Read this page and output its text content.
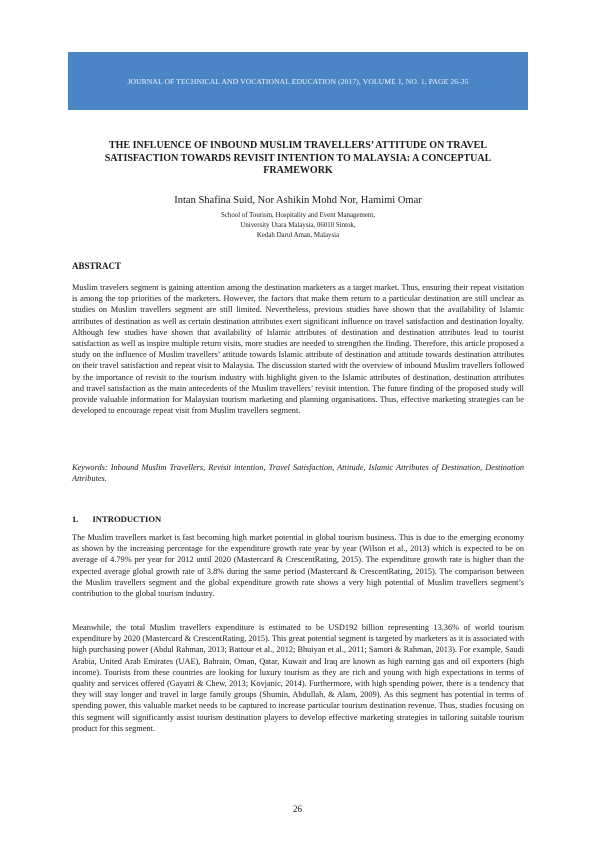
JOURNAL OF TECHNICAL AND VOCATIONAL EDUCATION (2017), VOLUME 1, NO. 1, PAGE 26-35
THE INFLUENCE OF INBOUND MUSLIM TRAVELLERS’ ATTITUDE ON TRAVEL
SATISFACTION TOWARDS REVISIT INTENTION TO MALAYSIA: A CONCEPTUAL
FRAMEWORK
Intan Shafina Suid, Nor Ashikin Mohd Nor, Hamimi Omar
School of Tourism, Hospitality and Event Management,
University Utara Malaysia, 06010 Sintok,
Kedah Darul Aman, Malaysia
ABSTRACT
Muslim travelers segment is gaining attention among the destination marketers as a target market. Thus, ensuring their repeat visitation is among the top priorities of the marketers. However, the factors that make them return to a particular destination are still unclear as studies on Muslim travellers segment are still limited. Nevertheless, previous studies have shown that the availability of Islamic attributes of destination as well as certain destination attributes exert significant influence on travel satisfaction and destination loyalty. Although few studies have shown that availability of Islamic attributes of destination and destination attributes lead to tourist satisfaction as well as inspire multiple return visits, more studies are needed to strengthen the finding. Therefore, this article proposed a study on the influence of Muslim travellers’ attitude towards Islamic attribute of destination and attitude towards destination attributes on their travel satisfaction and repeat visit to Malaysia. The discussion started with the overview of inbound Muslim travellers followed by the importance of revisit to the tourism industry with highlight given to the Islamic attributes of destination, destination attributes and travel satisfaction as the main antecedents of the Muslim travellers’ revisit intention. The future finding of the proposed study will provide valuable information for Malaysian tourism marketing and planning organisations. Thus, effective marketing strategies can be developed to encourage repeat visit from Muslim travellers segment.
Keywords: Inbound Muslim Travellers, Revisit intention, Travel Satisfaction, Attitude, Islamic Attributes of Destination, Destination Attributes.
1. INTRODUCTION
The Muslim travellers market is fast becoming high market potential in global tourism business. This is due to the emerging economy as shown by the increasing percentage for the expenditure growth rate year by year (Wilson et al., 2013) which is expected to be on average of 4.79% per year for 2012 until 2020 (Mastercard & CrescentRating, 2015). The expenditure growth rate is higher than the expected average global growth rate of 3.8% during the same period (Mastercard & CrescentRating, 2015). The comparison between the Muslim travellers segment and the global expenditure growth rate shows a very high potential of Muslim travellers segment’s contribution to the global tourism industry.
Meanwhile, the total Muslim travellers expenditure is estimated to be USD192 billion representing 13.36% of world tourism expenditure by 2020 (Mastercard & CrescentRating, 2015). This great potential segment is targeted by marketers as it is associated with high purchasing power (Abdul Rahman, 2013; Battour et al., 2012; Bhuiyan et al., 2011; Samori & Rahman, 2013). For example, Saudi Arabia, United Arab Emirates (UAE), Bahrain, Oman, Qatar, Kuwait and Iraq are known as high earning gas and oil exporters (high income). Tourists from these countries are looking for luxury tourism as they are rich and young with high expectations in terms of quality and services offered (Gayatri & Chew, 2013; Kovjanic, 2014). Furthermore, with high spending power, there is a tendency that they will stay longer and travel in large family groups (Shumin, Abdullah, & Alam, 2009). As this segment has potential in terms of spending power, this valuable market needs to be captured to increase particular tourism destination revenue. Thus, studies focusing on this segment will significantly assist tourism destination players to develop effective marketing strategies in tailoring suitable tourism product for this segment.
26
